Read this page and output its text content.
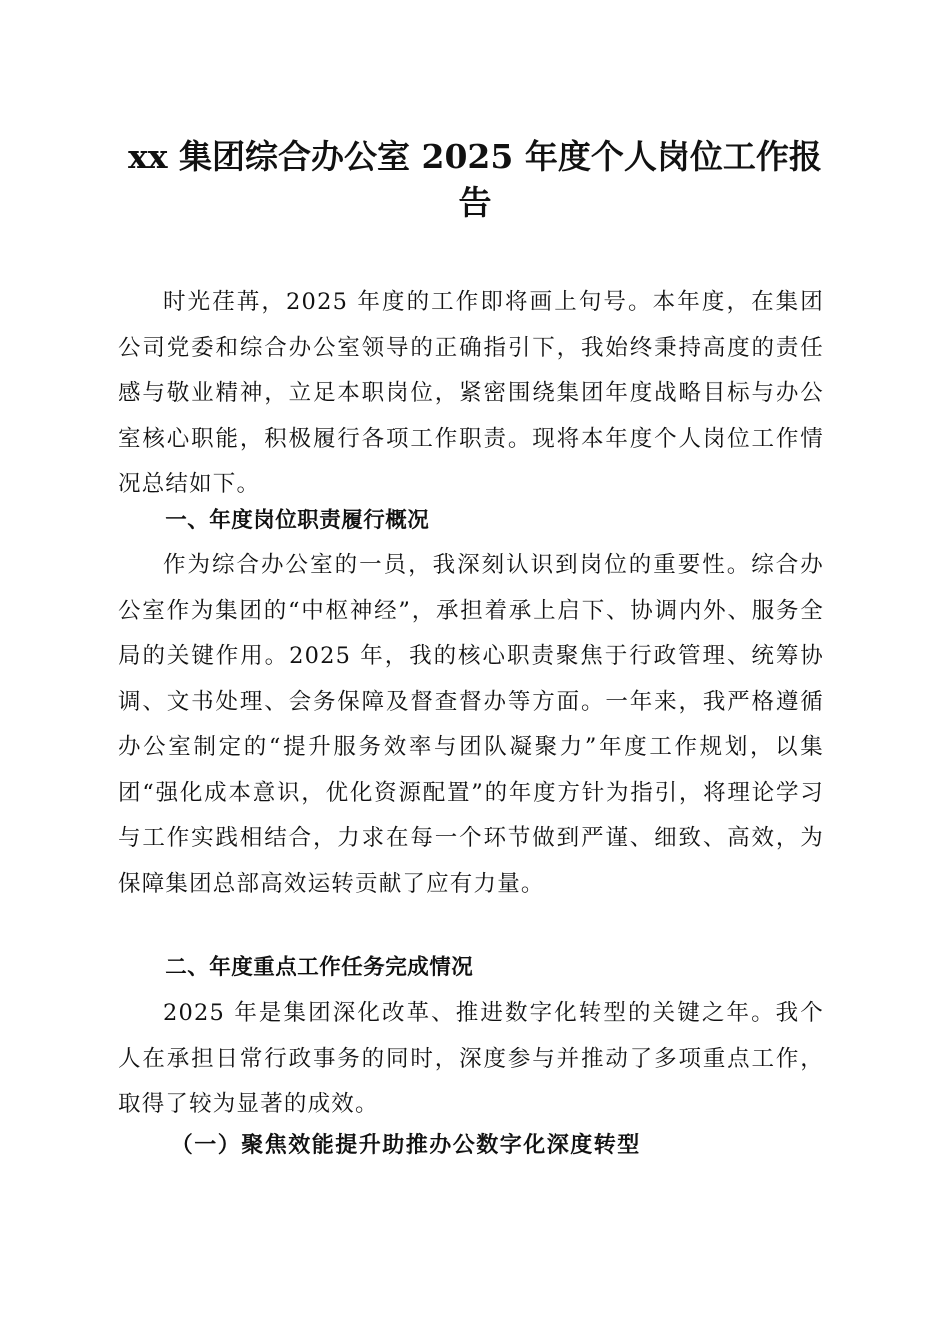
xx 集团综合办公室 2025 年度个人岗位工作报告

时光荏苒，2025 年度的工作即将画上句号。本年度，在集团公司党委和综合办公室领导的正确指引下，我始终秉持高度的责任感与敬业精神，立足本职岗位，紧密围绕集团年度战略目标与办公室核心职能，积极履行各项工作职责。现将本年度个人岗位工作情况总结如下。

一、年度岗位职责履行概况

作为综合办公室的一员，我深刻认识到岗位的重要性。综合办公室作为集团的“中枢神经”，承担着承上启下、协调内外、服务全局的关键作用。2025 年，我的核心职责聚焦于行政管理、统筹协调、文书处理、会务保障及督查督办等方面。一年来，我严格遵循办公室制定的“提升服务效率与团队凝聚力”年度工作规划，以集团“强化成本意识，优化资源配置”的年度方针为指引，将理论学习与工作实践相结合，力求在每一个环节做到严谨、细致、高效，为保障集团总部高效运转贡献了应有力量。

二、年度重点工作任务完成情况

2025 年是集团深化改革、推进数字化转型的关键之年。我个人在承担日常行政事务的同时，深度参与并推动了多项重点工作，取得了较为显著的成效。

（一）聚焦效能提升助推办公数字化深度转型
